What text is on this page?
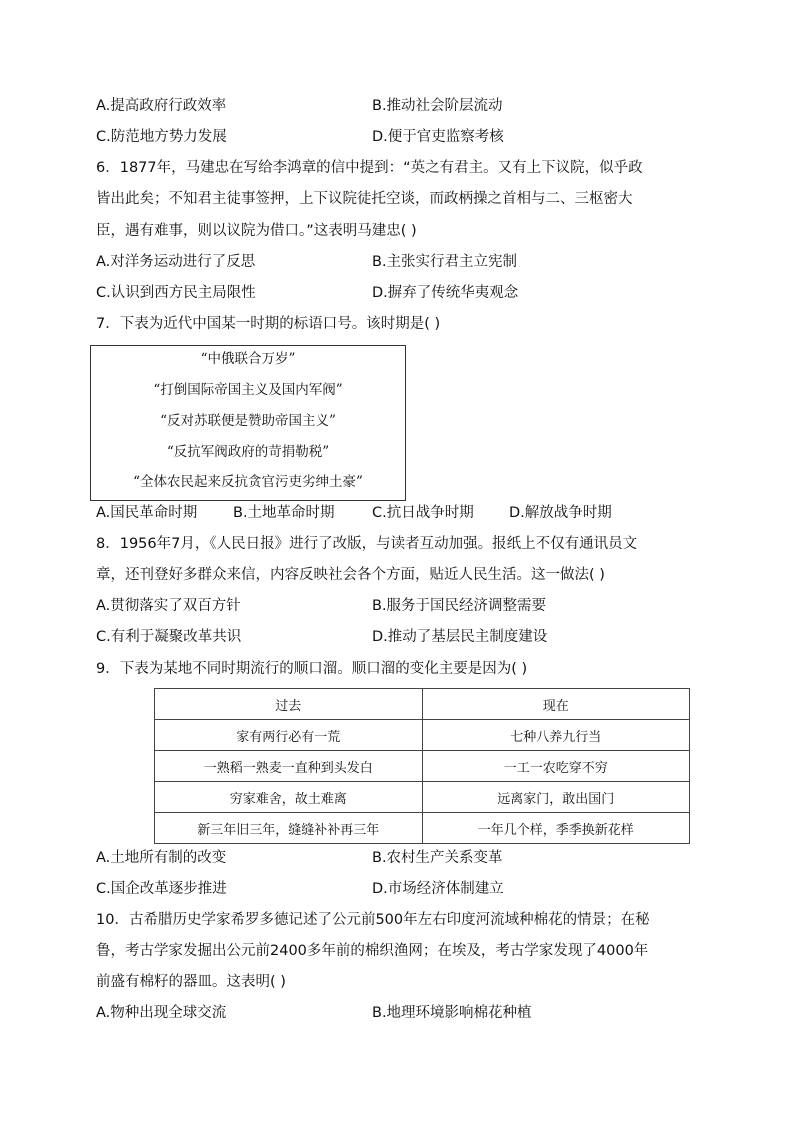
A.提高政府行政效率	B.推动社会阶层流动
C.防范地方势力发展	D.便于官吏监察考核
6．1877年，马建忠在写给李鸿章的信中提到：“英之有君主。又有上下议院，似乎政
皆出此矣；不知君主徒事签押，上下议院徒托空谈，而政柄操之首相与二、三枢密大
臣，遇有难事，则以议院为借口。”这表明马建忠( )
A.对洋务运动进行了反思	B.主张实行君主立宪制
C.认识到西方民主局限性	D.摒弃了传统华夷观念
7．下表为近代中国某一时期的标语口号。该时期是( )
“中俄联合万岁”
“打倒国际帝国主义及国内军阀”
“反对苏联便是赞助帝国主义”
“反抗军阀政府的苛捐勒税”
“全体农民起来反抗贪官污吏劣绅土豪”
A.国民革命时期 B.土地革命时期	C.抗日战争时期 D.解放战争时期
8．1956年7月，《人民日报》进行了改版，与读者互动加强。报纸上不仅有通讯员文
章，还刊登好多群众来信，内容反映社会各个方面，贴近人民生活。这一做法( )
A.贯彻落实了双百方针	B.服务于国民经济调整需要
C.有利于凝聚改革共识	D.推动了基层民主制度建设
9．下表为某地不同时期流行的顺口溜。顺口溜的变化主要是因为( )
过去	现在
家有两行必有一荒	七种八养九行当
一熟稻一熟麦一直种到头发白	一工一农吃穿不穷
穷家难舍，故土难离	远离家门，敢出国门
新三年旧三年，缝缝补补再三年	一年几个样，季季换新花样
A.土地所有制的改变	B.农村生产关系变革
C.国企改革逐步推进	D.市场经济体制建立
10．古希腊历史学家希罗多德记述了公元前500年左右印度河流域种棉花的情景；在秘
鲁，考古学家发掘出公元前2400多年前的棉织渔网；在埃及，考古学家发现了4000年
前盛有棉籽的器皿。这表明( )
A.物种出现全球交流	B.地理环境影响棉花种植
